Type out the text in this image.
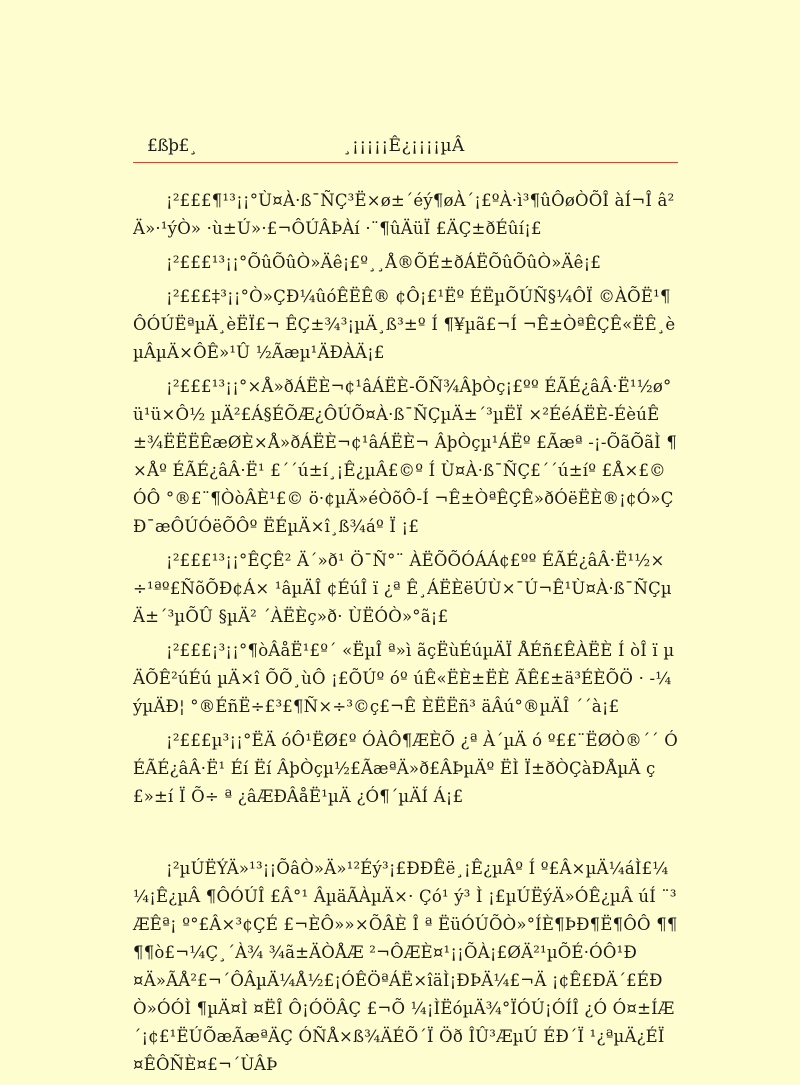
£ßþ£¸	¸¡¡¡¡¡Ê¿¡¡¡¡µÂ

¡²£££¶¹³¡¡°Ù¤À·ß¯ÑÇ³Ë×ø±´éý¶øÀ´¡£ºÀ·ì³¶ûÔøÒÕÎ àÍ¬Î â²Ä»·¹ýÒ» ·ù±Ú»·£¬ÔÚÂÞÀí ·¨¶ûÄüÏ £ÄÇ±ðÉûí¡£

¡²£££¹³¡¡°ÕûÕûÒ»Äê¡£º¸¸Å®ÕÉ±ðÁËÕûÕûÒ»Äê¡£

¡²£££‡³¡¡°Ò»ÇÐ¼ûóÊËÊ® ¢Ô¡£¹Ëº ÉËµÕÚÑ§¼ÔÏ ©ÀÕË¹¶ÔÓÚËªµÄ¸èËÏ£¬ ÊÇ±¾³¡µÄ¸ß³±º Í ¶¥µã£¬Í ¬Ê±ÒªÊÇÊ«ËÊ¸èµÂµÄ×ÔÊ»¹Û ½Ãæµ¹ÄÐÀÄ¡£

¡²£££¹³¡¡°×Å»ðÁËÈ¬¢¹âÁËÈ-ÕÑ¾ÂþÒç¡£ºº ÉÃÉ¿âÂ·Ë¹½ø°ü¹ü×Ô½ µÄ²£Á§ÉÕÆ¿ÔÚÕ¤À·ß¯ÑÇµÄ±´³µËÏ ×²ÉéÁËÈ-ÉèúÊ±¾ËËËÊæØÈ×Å»ðÁËÈ¬¢¹âÁËÈ¬ ÂþÒçµ¹ÁËº £Ãæª -¡-ÕãÕãÌ ¶×Åº ÉÃÉ¿âÂ·Ë¹ £´´ú±í¸¡Ê¿µÂ£©º Í Ù¤À·ß¯ÑÇ£´´ú±íº £Å×£© ÓÔ °®£¨¶ÒòÂÈ¹£© ö·¢µÄ»éÒõÔ-Í ¬Ê±ÒªÊÇÊ»ðÓëËÈ®¡¢Ó»ÇÐ¯æÔÚÓëÕÔº ËÉµÄ×î¸ß¾áº Ï ¡£

¡²£££¹³¡¡°ÊÇÊ² Ä´»ð¹ Ö¯Ñ°¨ ÀËÕÕÓÁÁ¢£ºº ÉÃÉ¿âÂ·Ë¹½×÷¹ªº£ÑõÕÐ¢Á× ¹âµÄÎ ¢ÉúÎ ï ¿ª Ê¸ÁËÈëÚÙ×¯Ú¬Ê¹Ù¤À·ß¯ÑÇµÄ±´³µÕÛ §µÄ² ´ÀËÈç»ð· ÙËÓÒ»°ã¡£

¡²£££¡³¡¡°¶òÂåË¹£º´ «ËµÎ ª»ì ãçËùÉúµÄÏ ÅÉñ£ÊÀËÈ Í òÎ ï µÄÕÊ²úÉú µÄ×î ÕÕ¸ùÔ ¡£ÕÚº óº úÊ«ËÈ±ËÈ ÃÊ£±ä³ÉÈÕÖ · -¼ýµÄÐ¦ °®ÉñË÷£³£¶Ñ×÷³©ç£¬Ê ÈËËñ³ äÂú°®µÄÎ ´´à¡£

¡²£££µ³¡¡°ËÄ óÔ¹ËØ£º ÓÀÔ¶ÆÈÕ ¿ª À´µÄ ó º££¨ËØÒ®´´ ÓÉÃÉ¿âÂ·Ë¹ Éí Ëí ÂþÒçµ½£ÃæªÄ»ð£ÂÞµÄº ËÌ Ï±ðÒÇàÐÅµÄ ç£»±í Ï Õ÷ ª ¿âÆÐÂåË¹µÄ ¿Ó¶´µÄÍ Á¡£

¡²µÚËÝÄ»¹³¡¡ÕâÒ»Ä»¹²Éý³¡£ÐÐÊë¸¡Ê¿µÂº Í º£Â×µÄ¼áÌ£¼¼¡Ê¿µÂ ¶ÔÓÚÎ £Â°¹ ÂµäÃÀµÄ×· Çó¹ ý³ Ì ¡£µÚËýÄ»ÓÊ¿µÂ úÍ ¨³ ÆÊª¡ º°£Â×³¢ÇÉ £¬ÈÔ»»×ÕÂÈ Î ª ËüÓÚÕÒ»°ÍÈ¶ÞÐ¶Ë¶ÔÔ ¶¶ ¶¶ò£¬¼Ç¸´À¾ ¾ã±ÄÒÅÆ ²¬ÔÆÈ¤¹¡¡ÕÀ¡£ØÄ²¹µÕÉ·ÓÔ¹Ð¤Ä»ÃÅ²£¬´ÔÂµÄ¼Å½£¡ÓÊÖªÁË×îäÌ¡ÐÞÄ¼£¬Ä ¡¢Ê£ÐÄ´£ÉÐÒ»ÓÓÌ ¶µÄ¤Ì ¤ËÎ Ô¡ÓÖÂÇ £¬Õ ¼¡ÌËóµÄ¾°ÏÓÚ¡ÓÍÎ ¿Ó Ó¤±ÍÆ ´¡¢£¹ËÚÕæÃæªÄÇ ÓÑÅ×ß¾ÄÉÕ´Ï Öð ÎÛ³ÆµÚ ÉÐ´Ï ¹¿ªµÄ¿ÉÏ¤ÊÔÑÈ¤£¬´ÙÂÞ
